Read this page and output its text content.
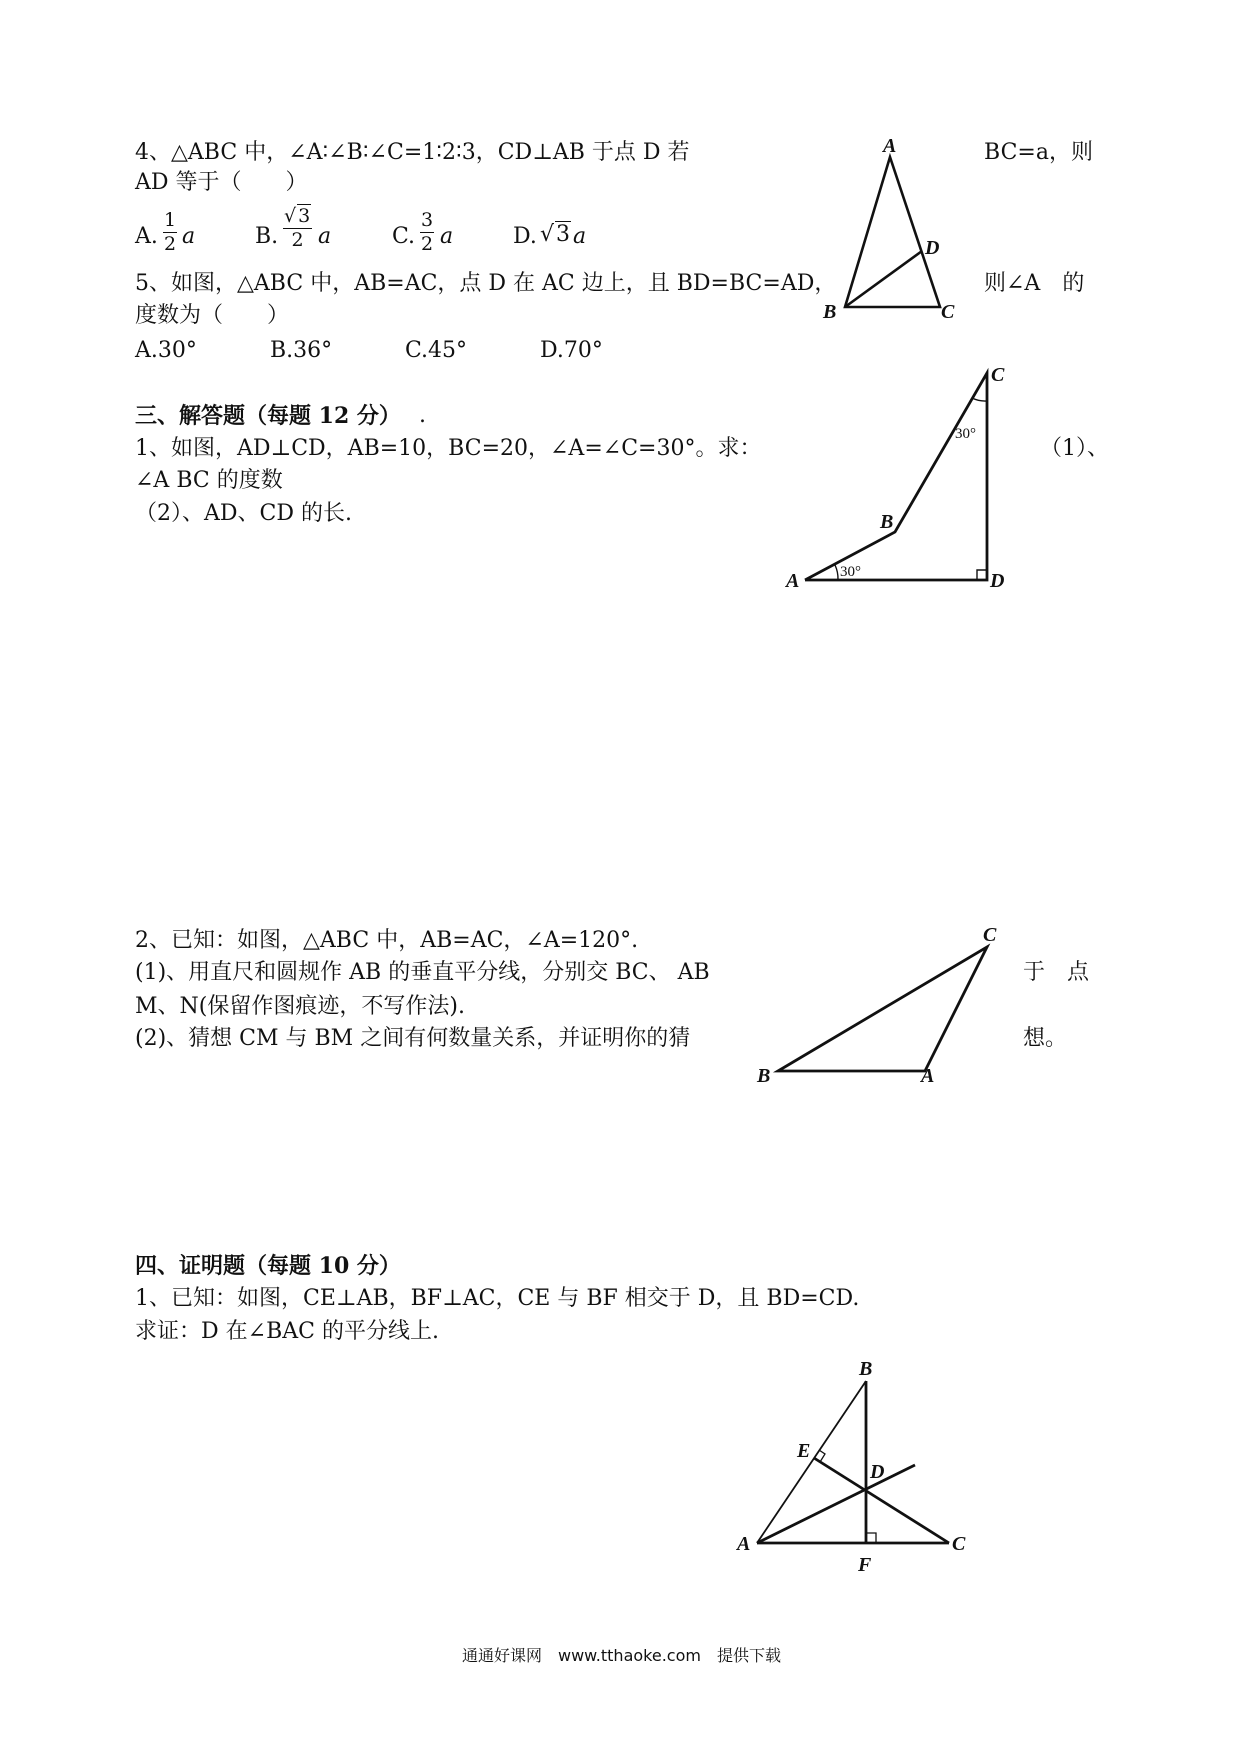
4、△ABC 中，∠A∶∠B∶∠C=1∶2∶3，CD⊥AB 于点 D 若	BC=a，则
AD 等于（　　）
A. $\frac{1}{2}$ a	B. $\frac{√ 3}{2}$ a	C. $\frac{3}{2}$ a	D. √3 a
5、如图，△ABC 中，AB=AC，点 D 在 AC 边上，且 BD=BC=AD，	则∠A　的
度数为（　　）
A.30°	B.36°	C.45°	D.70°
A
D
B	C
三、解答题（每题 12 分） .
1、如图，AD⊥CD，AB=10，BC=20，∠A=∠C=30°。求：	（1）、
∠A BC 的度数
（2）、AD、CD 的长.
30°
30°
C
B
A	D
2、已知：如图，△ABC 中，AB=AC，∠A=120°.
(1)、用直尺和圆规作 AB 的垂直平分线，分别交 BC、 AB	于　点
M、N(保留作图痕迹，不写作法).
(2)、猜想 CM 与 BM 之间有何数量关系，并证明你的猜	想。
C
B	A
四、证明题（每题 10 分）
1、已知：如图，CE⊥AB，BF⊥AC，CE 与 BF 相交于 D，且 BD=CD.
求证：D 在∠BAC 的平分线上.
B
E
D
A	C
F
通通好课网　www.tthaoke.com　提供下载
